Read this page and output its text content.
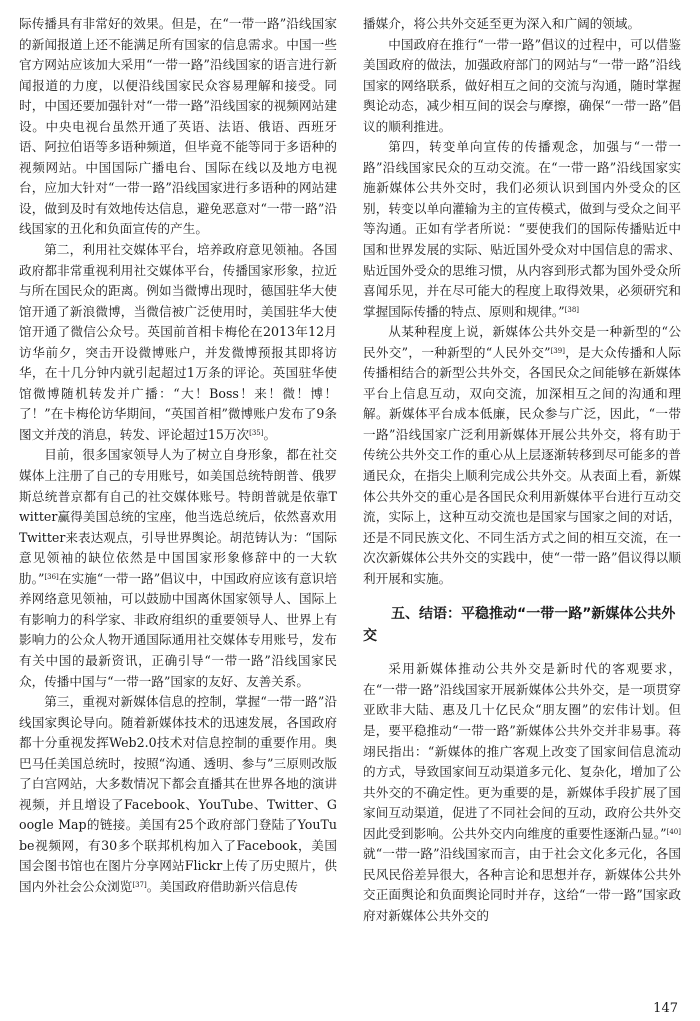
际传播具有非常好的效果。但是，在“一带一路”沿线国家的新闻报道上还不能满足所有国家的信息需求。中国一些官方网站应该加大采用“一带一路”沿线国家的语言进行新闻报道的力度，以便沿线国家民众容易理解和接受。同时，中国还要加强针对“一带一路”沿线国家的视频网站建设。中央电视台虽然开通了英语、法语、俄语、西班牙语、阿拉伯语等多语种频道，但毕竟不能等同于多语种的视频网站。中国国际广播电台、国际在线以及地方电视台，应加大针对“一带一路”沿线国家进行多语种的网站建设，做到及时有效地传达信息，避免恶意对“一带一路”沿线国家的丑化和负面宣传的产生。

第二，利用社交媒体平台，培养政府意见领袖。各国政府都非常重视利用社交媒体平台，传播国家形象，拉近与所在国民众的距离。例如当微博出现时，德国驻华大使馆开通了新浪微博，当微信被广泛使用时，美国驻华大使馆开通了微信公众号。英国前首相卡梅伦在2013年12月访华前夕，突击开设微博账户，并发微博预报其即将访华，在十几分钟内就引起超过1万条的评论。英国驻华使馆微博随机转发并广播：“大！Boss！来！微！博！了！”在卡梅伦访华期间，“英国首相”微博账户发布了9条图文并茂的消息，转发、评论超过15万次[35]。

目前，很多国家领导人为了树立自身形象，都在社交媒体上注册了自己的专用账号，如美国总统特朗普、俄罗斯总统普京都有自己的社交媒体账号。特朗普就是依靠Twitter赢得美国总统的宝座，他当选总统后，依然喜欢用Twitter来表达观点，引导世界舆论。胡范铸认为：“国际意见领袖的缺位依然是中国国家形象修辞中的一大软肋。”[36]在实施“一带一路”倡议中，中国政府应该有意识培养网络意见领袖，可以鼓励中国离休国家领导人、国际上有影响力的科学家、非政府组织的重要领导人、世界上有影响力的公众人物开通国际通用社交媒体专用账号，发布有关中国的最新资讯，正确引导“一带一路”沿线国家民众，传播中国与“一带一路”国家的友好、友善关系。

第三，重视对新媒体信息的控制，掌握“一带一路”沿线国家舆论导向。随着新媒体技术的迅速发展，各国政府都十分重视发挥Web2.0技术对信息控制的重要作用。奥巴马任美国总统时，按照“沟通、透明、参与”三原则改版了白宫网站，大多数情况下都会直播其在世界各地的演讲视频，并且增设了Facebook、YouTube、Twitter、Google Map的链接。美国有25个政府部门登陆了YouTube视频网，有30多个联邦机构加入了Facebook，美国国会图书馆也在图片分享网站Flickr上传了历史照片，供国内外社会公众浏览[37]。美国政府借助新兴信息传

播媒介，将公共外交延至更为深入和广阔的领域。

中国政府在推行“一带一路”倡议的过程中，可以借鉴美国政府的做法，加强政府部门的网站与“一带一路”沿线国家的网络联系，做好相互之间的交流与沟通，随时掌握舆论动态，减少相互间的误会与摩擦，确保“一带一路”倡议的顺利推进。

第四，转变单向宣传的传播观念，加强与“一带一路”沿线国家民众的互动交流。在“一带一路”沿线国家实施新媒体公共外交时，我们必须认识到国内外受众的区别，转变以单向灌输为主的宣传模式，做到与受众之间平等沟通。正如有学者所说：“要使我们的国际传播贴近中国和世界发展的实际、贴近国外受众对中国信息的需求、贴近国外受众的思维习惯，从内容到形式都为国外受众所喜闻乐见，并在尽可能大的程度上取得效果，必须研究和掌握国际传播的特点、原则和规律。”[38]

从某种程度上说，新媒体公共外交是一种新型的“公民外交”，一种新型的“人民外交”[39]，是大众传播和人际传播相结合的新型公共外交，各国民众之间能够在新媒体平台上信息互动，双向交流，加深相互之间的沟通和理解。新媒体平台成本低廉，民众参与广泛，因此，“一带一路”沿线国家广泛利用新媒体开展公共外交，将有助于传统公共外交工作的重心从上层逐渐转移到尽可能多的普通民众，在指尖上顺利完成公共外交。从表面上看，新媒体公共外交的重心是各国民众利用新媒体平台进行互动交流，实际上，这种互动交流也是国家与国家之间的对话，还是不同民族文化、不同生活方式之间的相互交流，在一次次新媒体公共外交的实践中，使“一带一路”倡议得以顺利开展和实施。

五、结语：平稳推动“一带一路”新媒体公共外交

采用新媒体推动公共外交是新时代的客观要求，在“一带一路”沿线国家开展新媒体公共外交，是一项贯穿亚欧非大陆、惠及几十亿民众“朋友圈”的宏伟计划。但是，要平稳推动“一带一路”新媒体公共外交并非易事。蒋翊民指出：“新媒体的推广客观上改变了国家间信息流动的方式，导致国家间互动渠道多元化、复杂化，增加了公共外交的不确定性。更为重要的是，新媒体手段扩展了国家间互动渠道，促进了不同社会间的互动，政府公共外交因此受到影响。公共外交内向维度的重要性逐渐凸显。”[40]就“一带一路”沿线国家而言，由于社会文化多元化，各国民风民俗差异很大，各种言论和思想并存，新媒体公共外交正面舆论和负面舆论同时并存，这给“一带一路”国家政府对新媒体公共外交的

147
